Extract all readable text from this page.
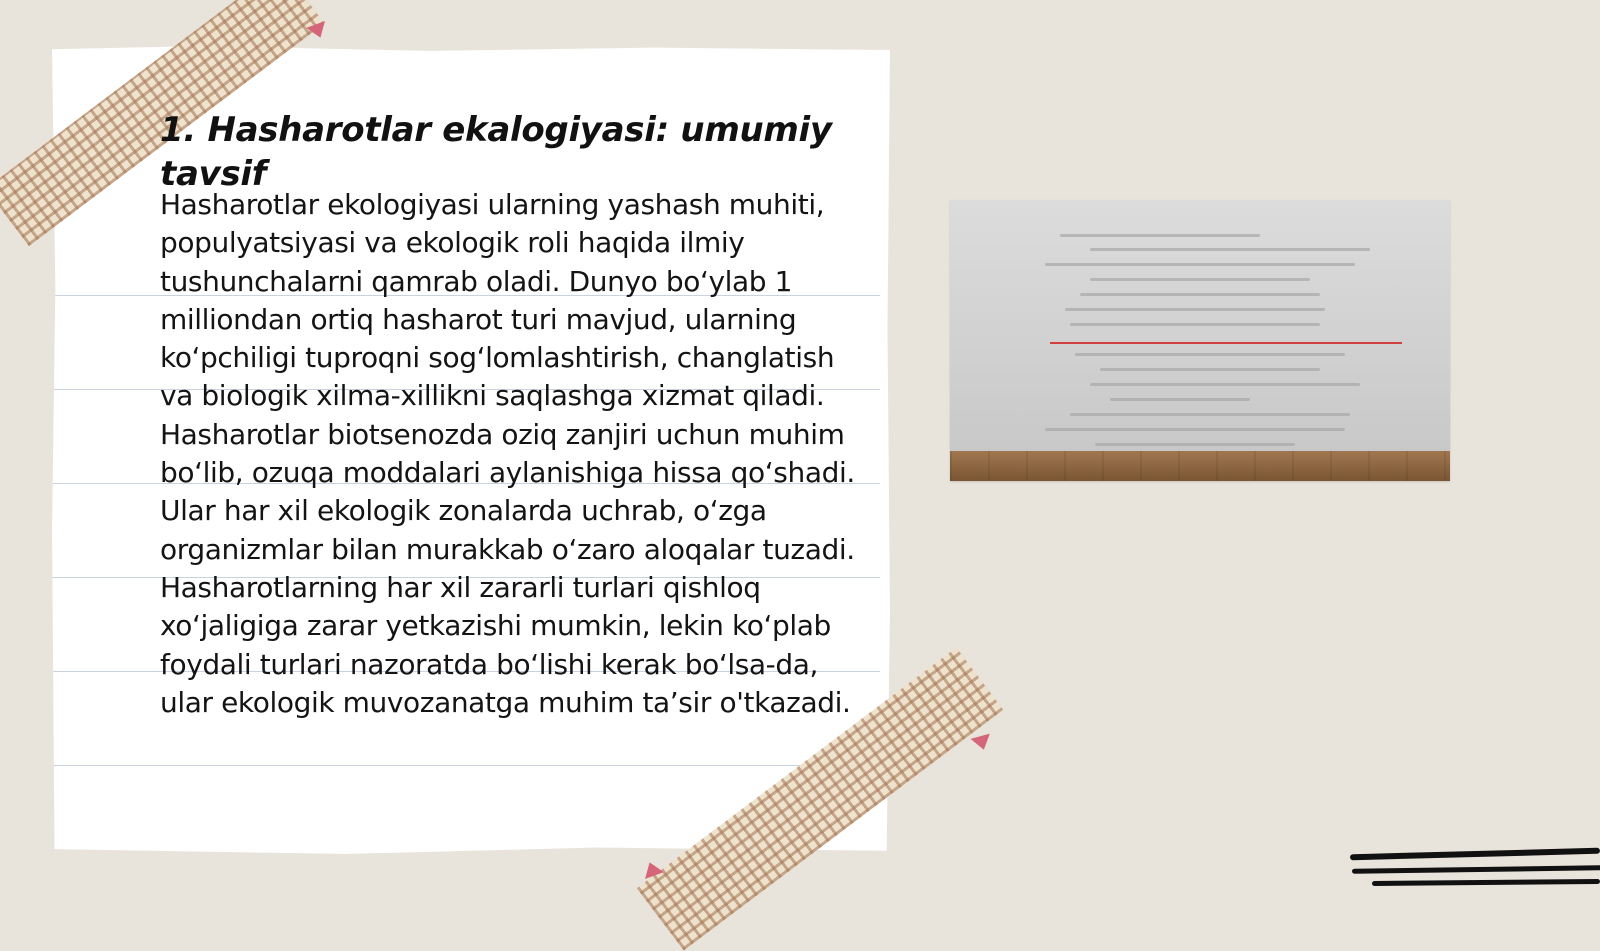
1. Hasharotlar ekalogiyasi: umumiy tavsif

Hasharotlar ekologiyasi ularning yashash muhiti, populyatsiyasi va ekologik roli haqida ilmiy tushunchalarni qamrab oladi. Dunyo bo‘ylab 1 milliondan ortiq hasharot turi mavjud, ularning ko‘pchiligi tuproqni sog‘lomlashtirish, changlatish va biologik xilma-xillikni saqlashga xizmat qiladi. Hasharotlar biotsenozda oziq zanjiri uchun muhim bo‘lib, ozuqa moddalari aylanishiga hissa qo‘shadi. Ular har xil ekologik zonalarda uchrab, o‘zga organizmlar bilan murakkab o‘zaro aloqalar tuzadi. Hasharotlarning har xil zararli turlari qishloq xo‘jaligiga zarar yetkazishi mumkin, lekin ko‘plab foydali turlari nazoratda bo‘lishi kerak bo‘lsa-da, ular ekologik muvozanatga muhim ta’sir o'tkazadi.
